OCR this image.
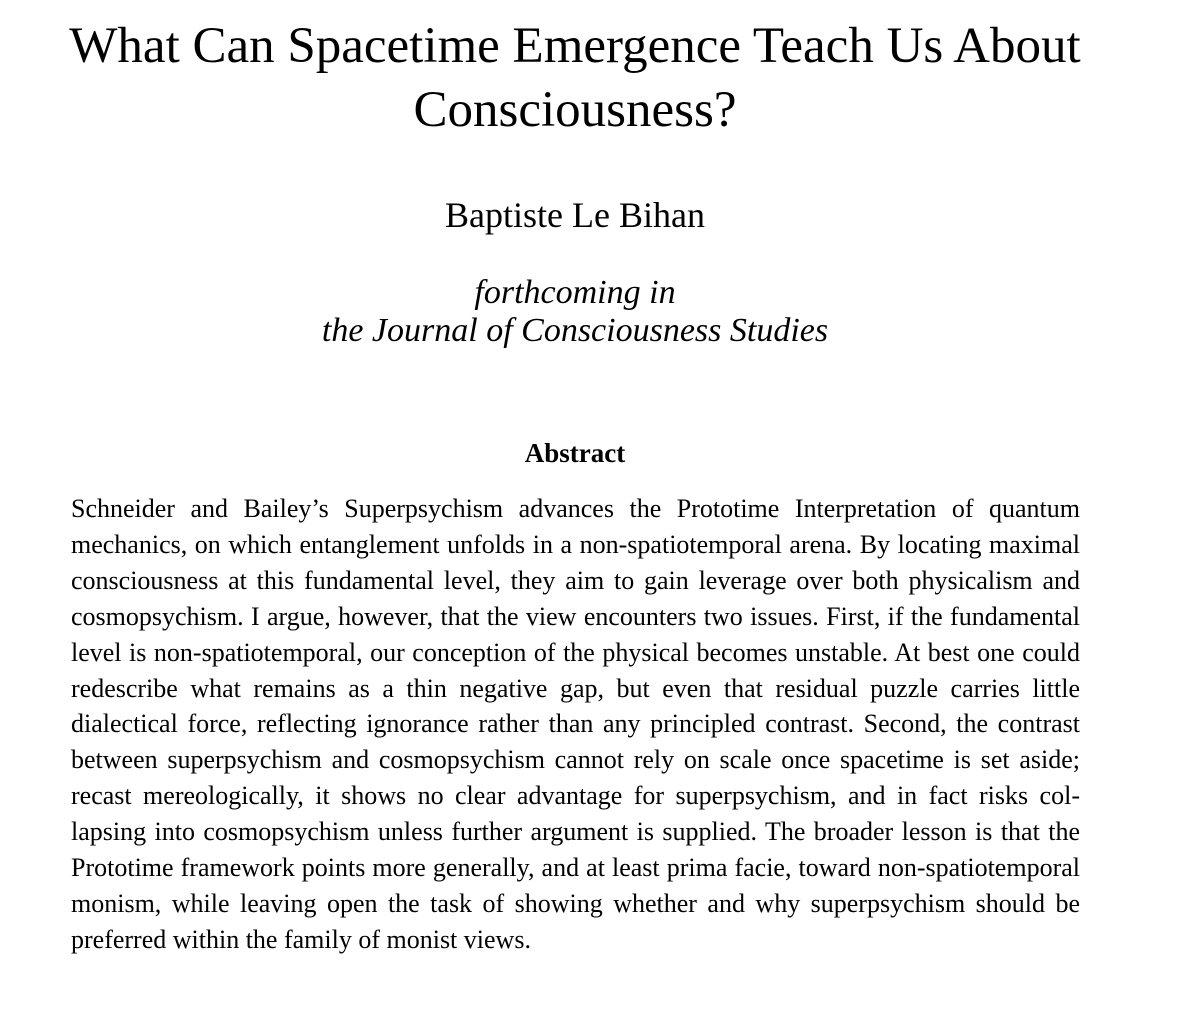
What Can Spacetime Emergence Teach Us About
Consciousness?
Baptiste Le Bihan
forthcoming in
the Journal of Consciousness Studies
Abstract

Schneider and Bailey’s Superpsychism advances the Prototime Interpretation of quantum mechanics, on which entanglement unfolds in a non-spatiotemporal arena. By locating maximal consciousness at this fundamental level, they aim to gain leverage over both physicalism and cosmopsychism. I argue, however, that the view encounters two issues. First, if the fundamental level is non-spatiotemporal, our conception of the physical becomes unstable. At best one could redescribe what remains as a thin negative gap, but even that residual puzzle carries little dialectical force, reflecting ignorance rather than any principled contrast. Second, the contrast between superpsychism and cosmopsychism cannot rely on scale once spacetime is set aside; recast mereologically, it shows no clear advantage for superpsychism, and in fact risks collapsing into cosmopsychism unless further argument is supplied. The broader lesson is that the Prototime framework points more generally, and at least prima facie, toward non-spatiotemporal monism, while leaving open the task of showing whether and why superpsychism should be preferred within the family of monist views.
